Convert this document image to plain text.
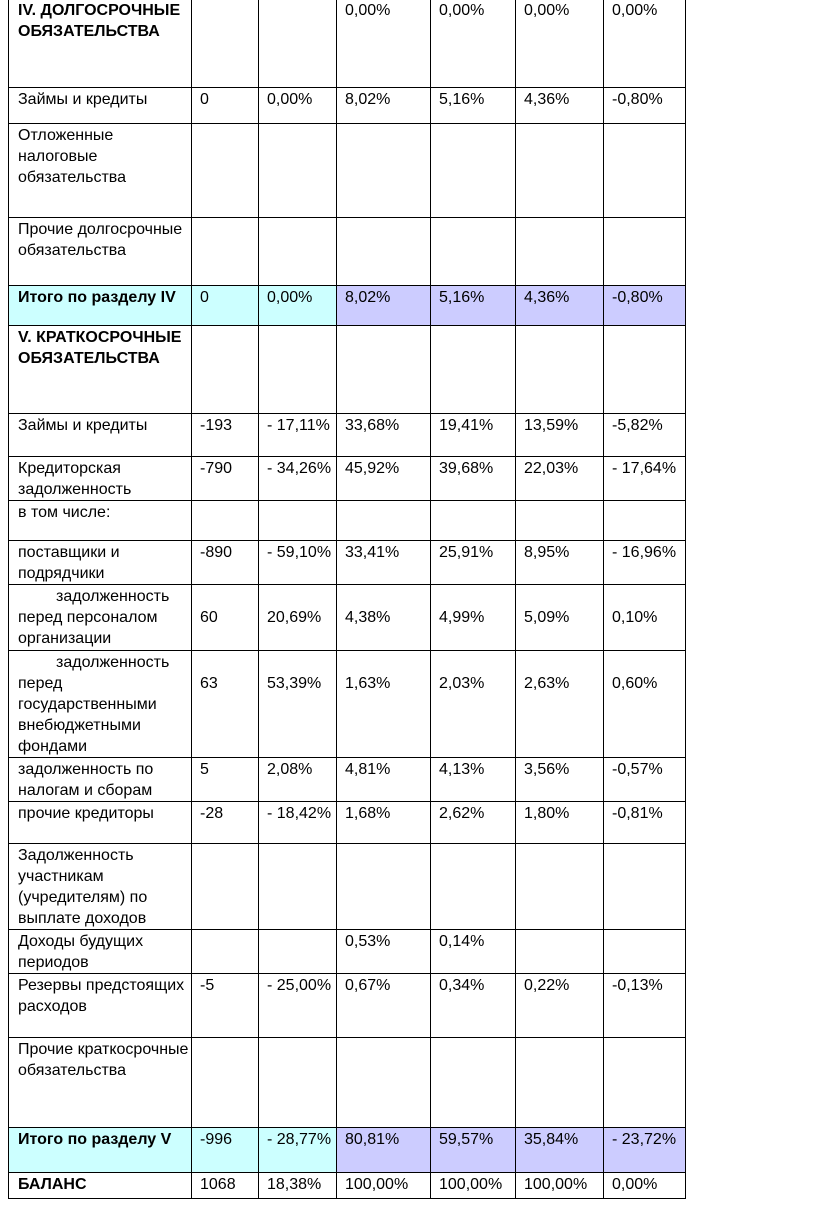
IV. ДОЛГОСРОЧНЫЕ ОБЯЗАТЕЛЬСТВА			0,00%	0,00%	0,00%	0,00%
Займы и кредиты	0	0,00%	8,02%	5,16%	4,36%	-0,80%
Отложенные налоговые обязательства						
Прочие долгосрочные обязательства						
Итого по разделу IV	0	0,00%	8,02%	5,16%	4,36%	-0,80%
V. КРАТКОСРОЧНЫЕ ОБЯЗАТЕЛЬСТВА						
Займы и кредиты	-193	- 17,11%	33,68%	19,41%	13,59%	-5,82%
Кредиторская задолженность	-790	- 34,26%	45,92%	39,68%	22,03%	- 17,64%
в том числе:						
поставщики и подрядчики	-890	- 59,10%	33,41%	25,91%	8,95%	- 16,96%
задолженность перед персоналом организации	60	20,69%	4,38%	4,99%	5,09%	0,10%
задолженность перед государственными внебюджетными фондами	63	53,39%	1,63%	2,03%	2,63%	0,60%
задолженность по налогам и сборам	5	2,08%	4,81%	4,13%	3,56%	-0,57%
прочие кредиторы	-28	- 18,42%	1,68%	2,62%	1,80%	-0,81%
Задолженность участникам (учредителям) по выплате доходов						
Доходы будущих периодов			0,53%	0,14%		
Резервы предстоящих расходов	-5	- 25,00%	0,67%	0,34%	0,22%	-0,13%
Прочие краткосрочные обязательства						
Итого по разделу V	-996	- 28,77%	80,81%	59,57%	35,84%	- 23,72%
БАЛАНС	1068	18,38%	100,00%	100,00%	100,00%	0,00%
